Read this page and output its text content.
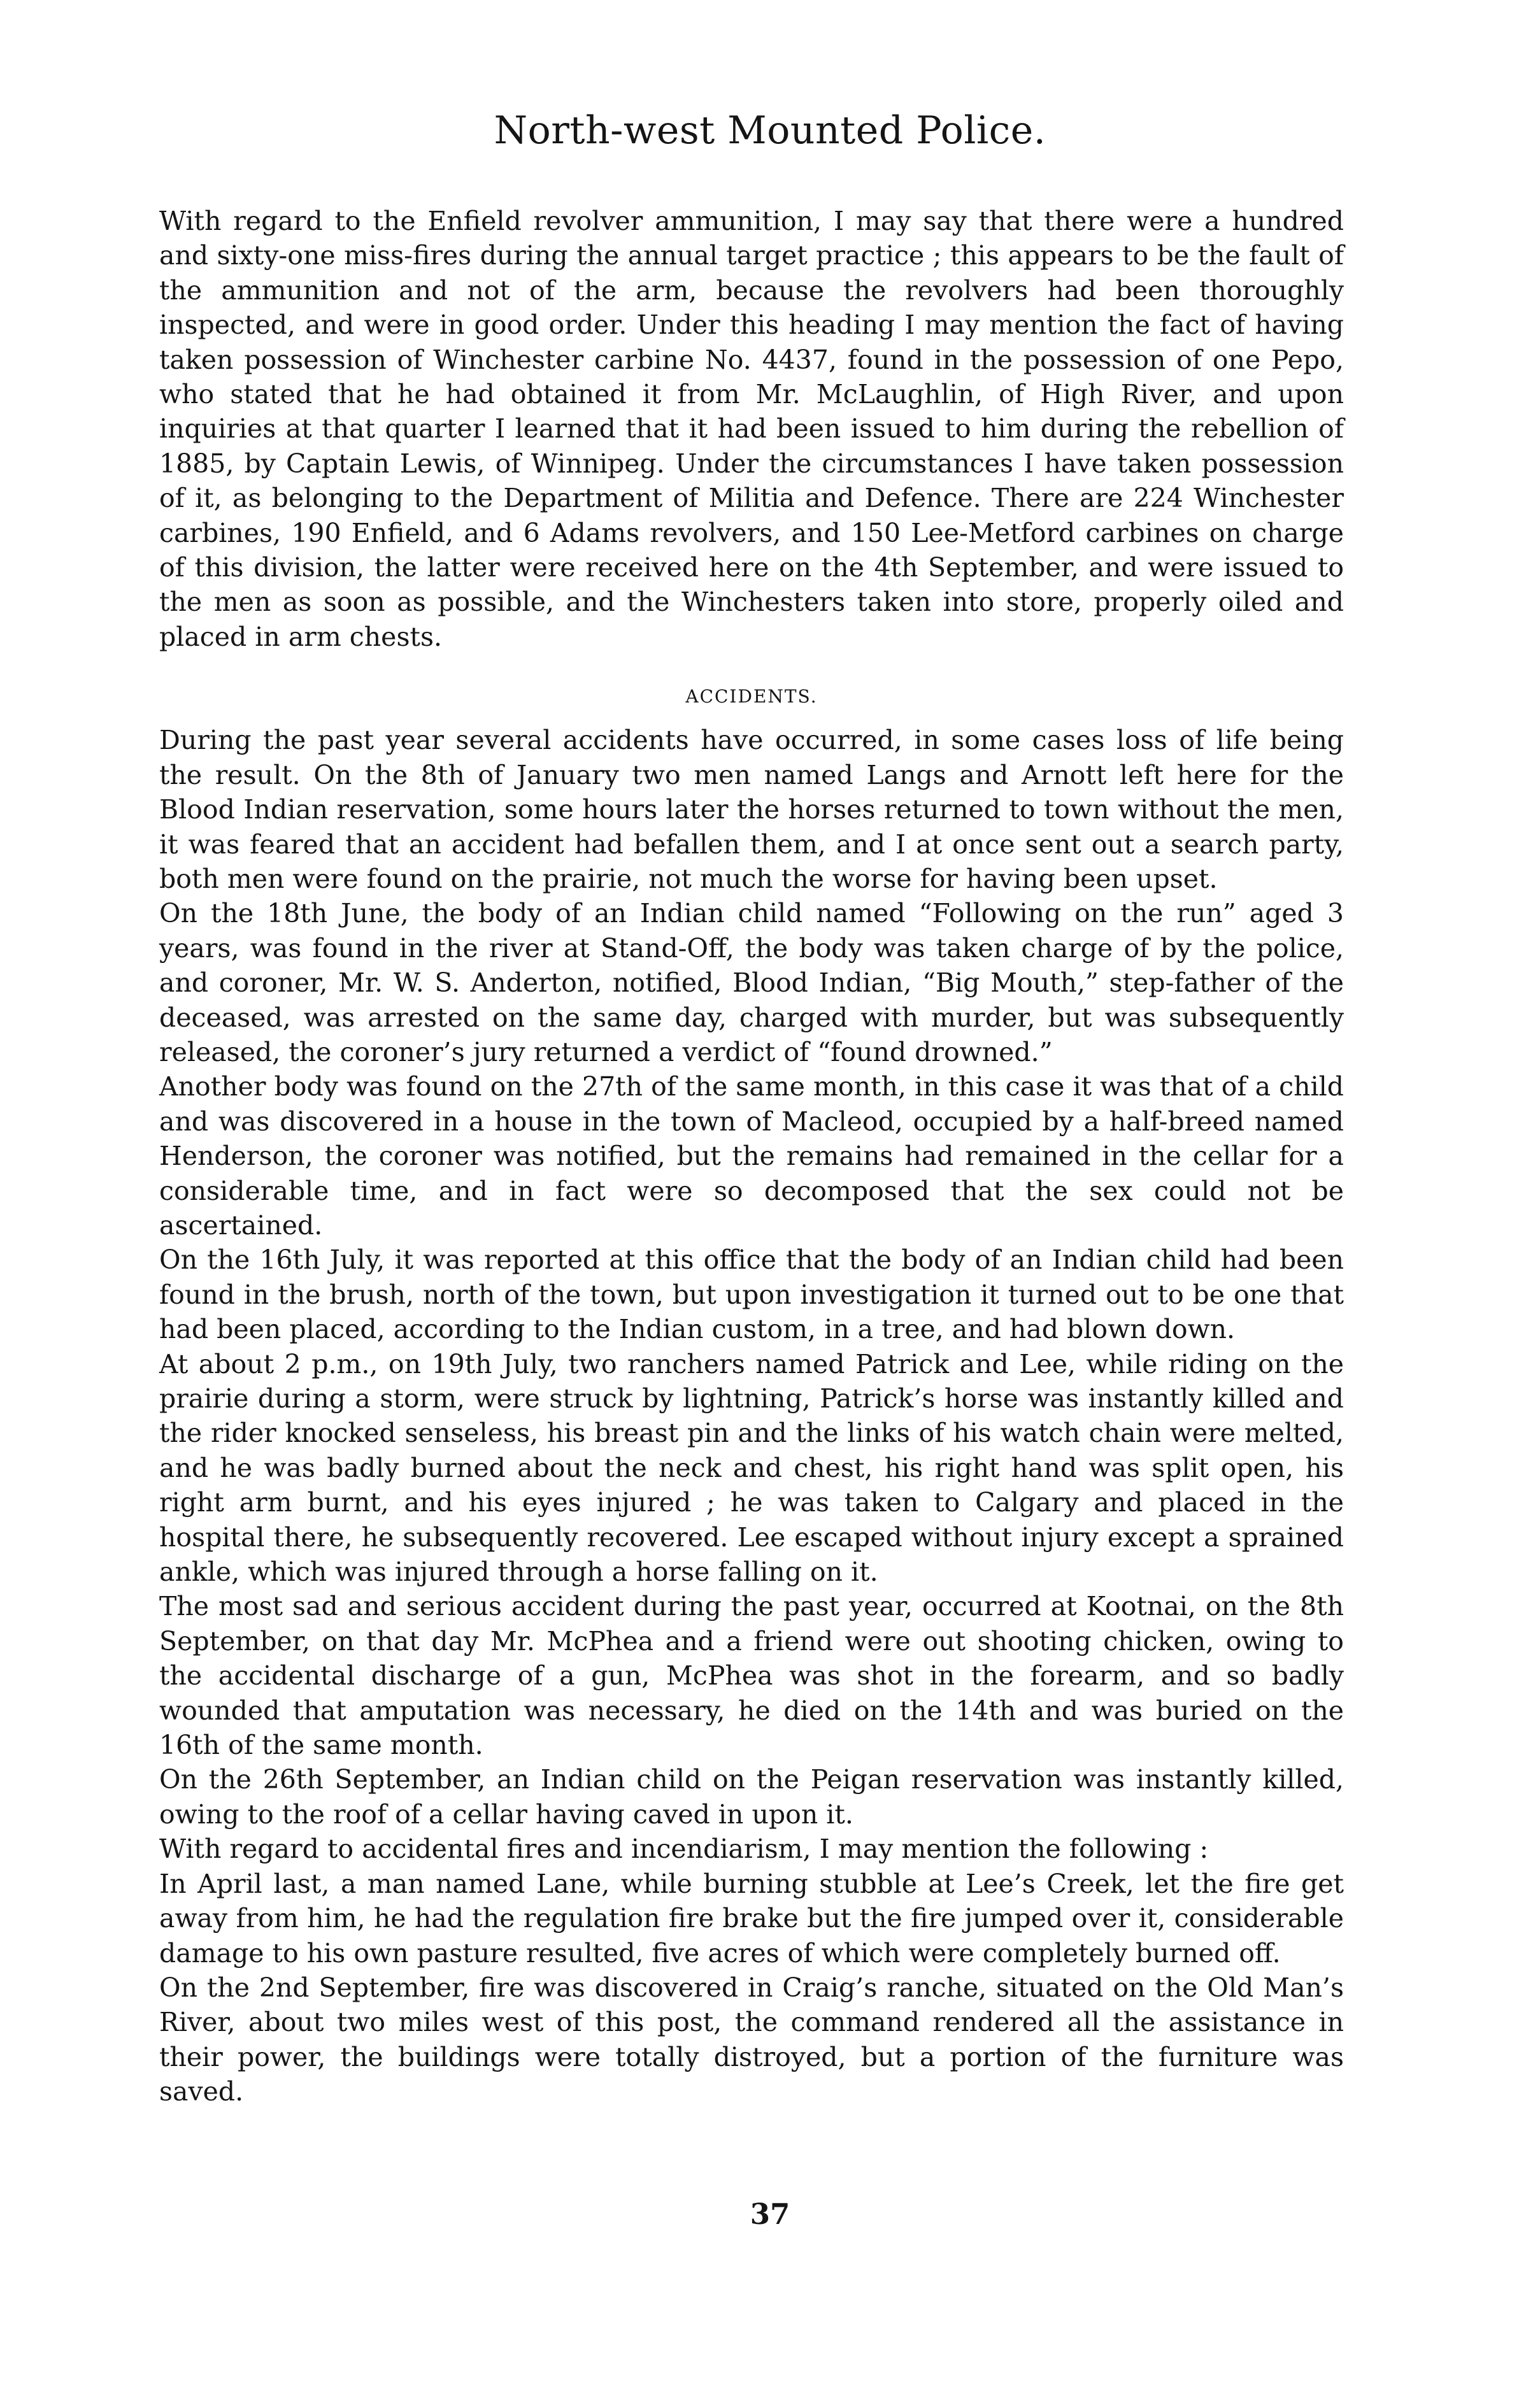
North-west Mounted Police.

With regard to the Enfield revolver ammunition, I may say that there were a hundred and sixty-one miss-fires during the annual target practice ; this appears to be the fault of the ammunition and not of the arm, because the revolvers had been thoroughly inspected, and were in good order. Under this heading I may mention the fact of having taken possession of Winchester carbine No. 4437, found in the possession of one Pepo, who stated that he had obtained it from Mr. McLaughlin, of High River, and upon inquiries at that quarter I learned that it had been issued to him during the rebellion of 1885, by Captain Lewis, of Winnipeg. Under the circumstances I have taken possession of it, as belonging to the Department of Militia and Defence. There are 224 Winchester carbines, 190 Enfield, and 6 Adams revolvers, and 150 Lee-Metford carbines on charge of this division, the latter were received here on the 4th September, and were issued to the men as soon as possible, and the Winchesters taken into store, properly oiled and placed in arm chests.

ACCIDENTS.

During the past year several accidents have occurred, in some cases loss of life being the result. On the 8th of January two men named Langs and Arnott left here for the Blood Indian reservation, some hours later the horses returned to town without the men, it was feared that an accident had befallen them, and I at once sent out a search party, both men were found on the prairie, not much the worse for having been upset.

On the 18th June, the body of an Indian child named “Following on the run” aged 3 years, was found in the river at Stand-Off, the body was taken charge of by the police, and coroner, Mr. W. S. Anderton, notified, Blood Indian, “Big Mouth,” step-father of the deceased, was arrested on the same day, charged with murder, but was subsequently released, the coroner’s jury returned a verdict of “found drowned.”

Another body was found on the 27th of the same month, in this case it was that of a child and was discovered in a house in the town of Macleod, occupied by a half-breed named Henderson, the coroner was notified, but the remains had remained in the cellar for a considerable time, and in fact were so decomposed that the sex could not be ascertained.

On the 16th July, it was reported at this office that the body of an Indian child had been found in the brush, north of the town, but upon investigation it turned out to be one that had been placed, according to the Indian custom, in a tree, and had blown down.

At about 2 p.m., on 19th July, two ranchers named Patrick and Lee, while riding on the prairie during a storm, were struck by lightning, Patrick’s horse was instantly killed and the rider knocked senseless, his breast pin and the links of his watch chain were melted, and he was badly burned about the neck and chest, his right hand was split open, his right arm burnt, and his eyes injured ; he was taken to Calgary and placed in the hospital there, he subsequently recovered. Lee escaped without injury except a sprained ankle, which was injured through a horse falling on it.

The most sad and serious accident during the past year, occurred at Kootnai, on the 8th September, on that day Mr. McPhea and a friend were out shooting chicken, owing to the accidental discharge of a gun, McPhea was shot in the forearm, and so badly wounded that amputation was necessary, he died on the 14th and was buried on the 16th of the same month.

On the 26th September, an Indian child on the Peigan reservation was instantly killed, owing to the roof of a cellar having caved in upon it.

With regard to accidental fires and incendiarism, I may mention the following :

In April last, a man named Lane, while burning stubble at Lee’s Creek, let the fire get away from him, he had the regulation fire brake but the fire jumped over it, considerable damage to his own pasture resulted, five acres of which were completely burned off.

On the 2nd September, fire was discovered in Craig’s ranche, situated on the Old Man’s River, about two miles west of this post, the command rendered all the assistance in their power, the buildings were totally distroyed, but a portion of the furniture was saved.

37
